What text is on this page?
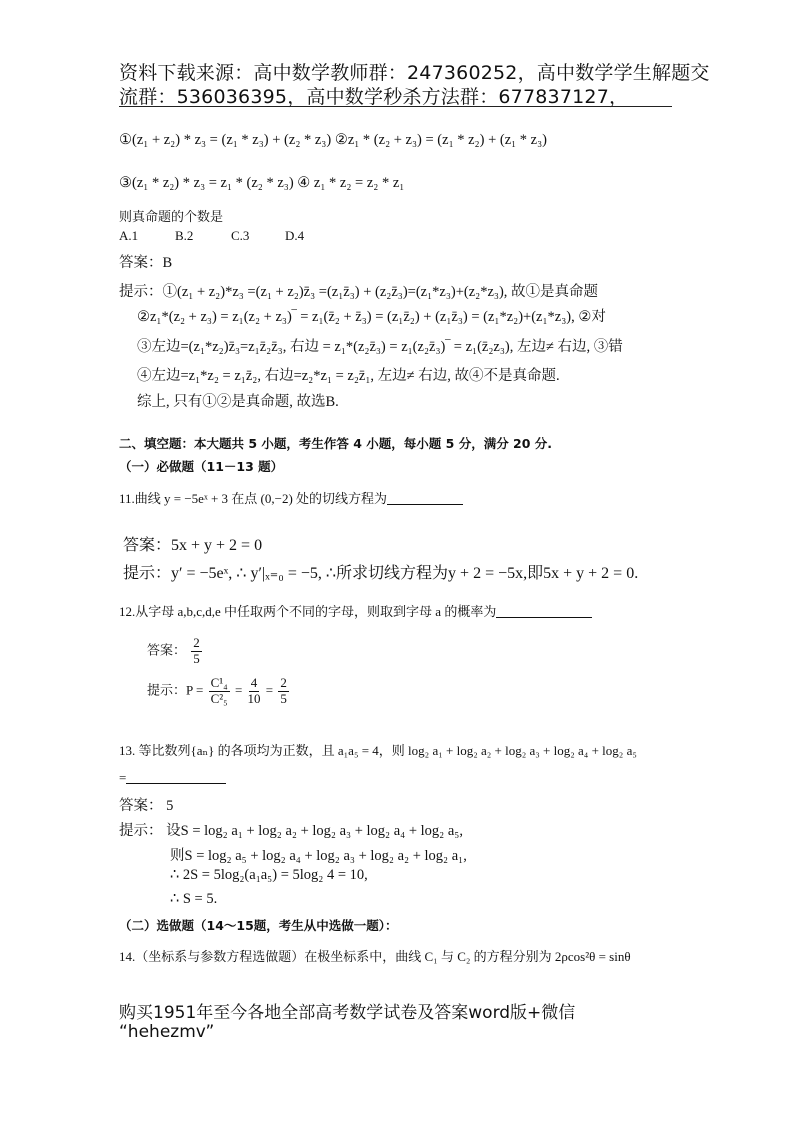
资料下载来源：高中数学教师群：247360252，高中数学学生解题交
流群：536036395，高中数学秒杀方法群：677837127，
①(z₁ + z₂) * z₃ = (z₁ * z₃) + (z₂ * z₃) ②z₁ * (z₂ + z₃) = (z₁ * z₂) + (z₁ * z₃)
③(z₁ * z₂) * z₃ = z₁ * (z₂ * z₃) ④ z₁ * z₂ = z₂ * z₁
则真命题的个数是
A.1	B.2	C.3	D.4
答案：B
提示：①(z₁ + z₂)*z₃ =(z₁ + z₂)z̄₃ =(z₁z̄₃) + (z₂z̄₃)=(z₁*z₃)+(z₂*z₃), 故①是真命题
②z₁*(z₂ + z₃) = z₁(z₂ + z₃)‾ = z₁(z̄₂ + z̄₃) = (z₁z̄₂) + (z₁z̄₃) = (z₁*z₂)+(z₁*z₃), ②对
③左边=(z₁*z₂)z̄₃=z₁z̄₂z̄₃, 右边 = z₁*(z₂z̄₃) = z₁(z₂z̄₃)‾ = z₁(z̄₂z₃), 左边≠ 右边, ③错
④左边=z₁*z₂ = z₁z̄₂, 右边=z₂*z₁ = z₂z̄₁, 左边≠ 右边, 故④不是真命题.
综上, 只有①②是真命题, 故选B.
二、填空题：本大题共 5 小题，考生作答 4 小题，每小题 5 分，满分 20 分.
（一）必做题（11－13 题）
11.曲线 y = −5eˣ + 3 在点 (0,−2) 处的切线方程为
答案：5x + y + 2 = 0
提示：y′ = −5eˣ, ∴ y′|ₓ₌₀ = −5, ∴所求切线方程为y + 2 = −5x,即5x + y + 2 = 0.
12.从字母 a,b,c,d,e 中任取两个不同的字母，则取到字母 a 的概率为
答案： $\frac{2}{5}$
提示：$P = \frac{\text{C¹₄}}{\text{C²₅}} = \frac{4}{10} = \frac{2}{5}$
13. 等比数列{aₙ} 的各项均为正数，且 a₁a₅ = 4，则 log₂ a₁ + log₂ a₂ + log₂ a₃ + log₂ a₄ + log₂ a₅
=
答案： 5
提示： 设S = log₂ a₁ + log₂ a₂ + log₂ a₃ + log₂ a₄ + log₂ a₅,
则S = log₂ a₅ + log₂ a₄ + log₂ a₃ + log₂ a₂ + log₂ a₁,
∴ 2S = 5log₂(a₁a₅) = 5log₂ 4 = 10,
∴ S = 5.
（二）选做题（14～15题，考生从中选做一题）：
14.（坐标系与参数方程选做题）在极坐标系中，曲线 C₁ 与 C₂ 的方程分别为 2ρcos²θ = sinθ
购买1951年至今各地全部高考数学试卷及答案word版+微信
“hehezmv”
